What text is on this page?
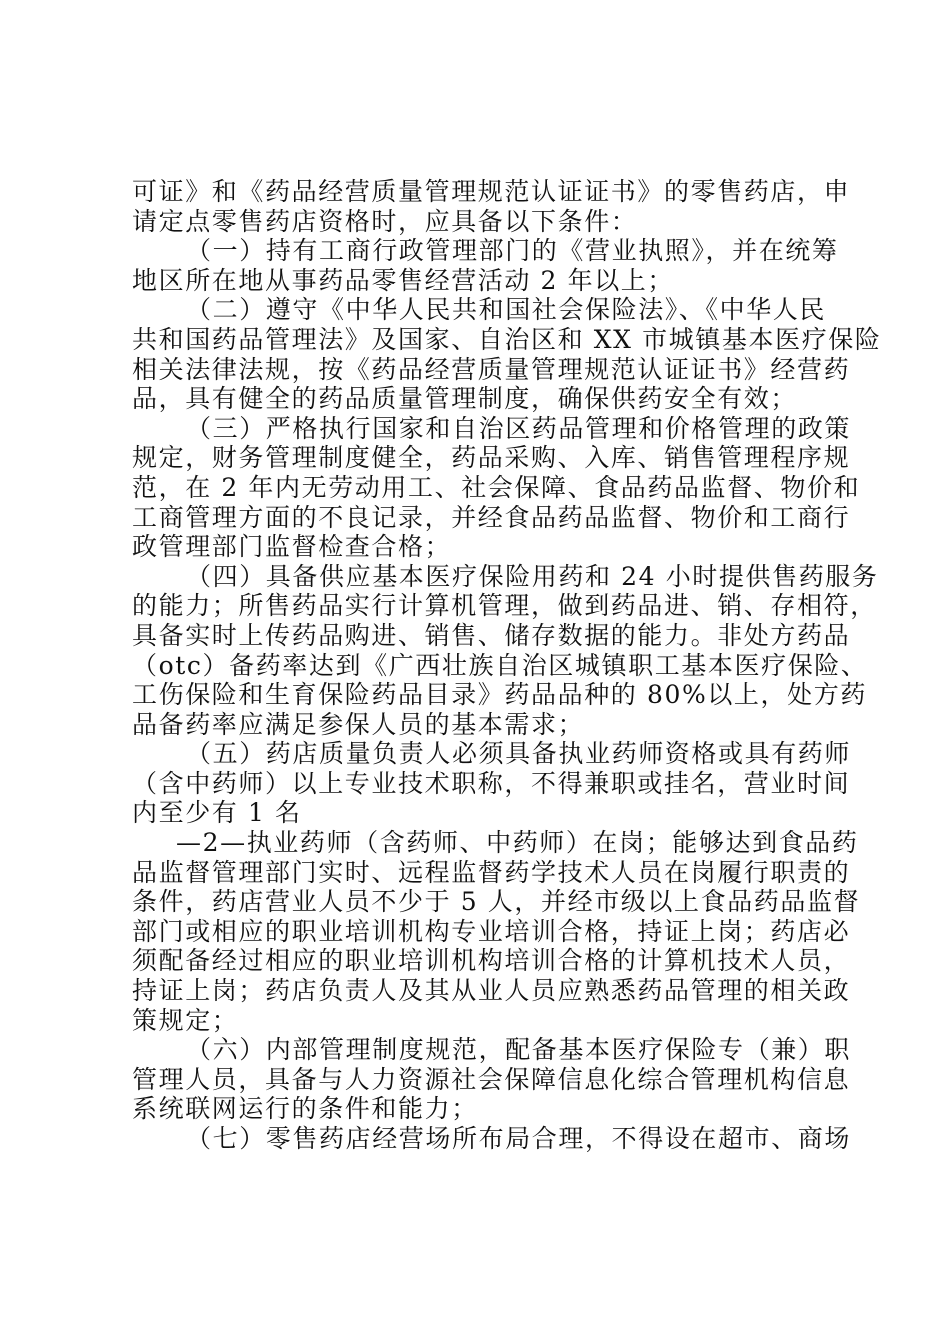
可证》和《药品经营质量管理规范认证证书》的零售药店，申
请定点零售药店资格时，应具备以下条件：
（一）持有工商行政管理部门的《营业执照》，并在统筹
地区所在地从事药品零售经营活动 2 年以上；
（二）遵守《中华人民共和国社会保险法》、《中华人民
共和国药品管理法》及国家、自治区和 XX 市城镇基本医疗保险
相关法律法规，按《药品经营质量管理规范认证证书》经营药
品，具有健全的药品质量管理制度，确保供药安全有效；
（三）严格执行国家和自治区药品管理和价格管理的政策
规定，财务管理制度健全，药品采购、入库、销售管理程序规
范，在 2 年内无劳动用工、社会保障、食品药品监督、物价和
工商管理方面的不良记录，并经食品药品监督、物价和工商行
政管理部门监督检查合格；
（四）具备供应基本医疗保险用药和 24 小时提供售药服务
的能力；所售药品实行计算机管理，做到药品进、销、存相符，
具备实时上传药品购进、销售、储存数据的能力。非处方药品
（otc）备药率达到《广西壮族自治区城镇职工基本医疗保险、
工伤保险和生育保险药品目录》药品品种的 80%以上，处方药
品备药率应满足参保人员的基本需求；
（五）药店质量负责人必须具备执业药师资格或具有药师
（含中药师）以上专业技术职称，不得兼职或挂名，营业时间
内至少有 1 名
—2—执业药师（含药师、中药师）在岗；能够达到食品药
品监督管理部门实时、远程监督药学技术人员在岗履行职责的
条件，药店营业人员不少于 5 人，并经市级以上食品药品监督
部门或相应的职业培训机构专业培训合格，持证上岗；药店必
须配备经过相应的职业培训机构培训合格的计算机技术人员，
持证上岗；药店负责人及其从业人员应熟悉药品管理的相关政
策规定；
（六）内部管理制度规范，配备基本医疗保险专（兼）职
管理人员，具备与人力资源社会保障信息化综合管理机构信息
系统联网运行的条件和能力；
（七）零售药店经营场所布局合理，不得设在超市、商场
